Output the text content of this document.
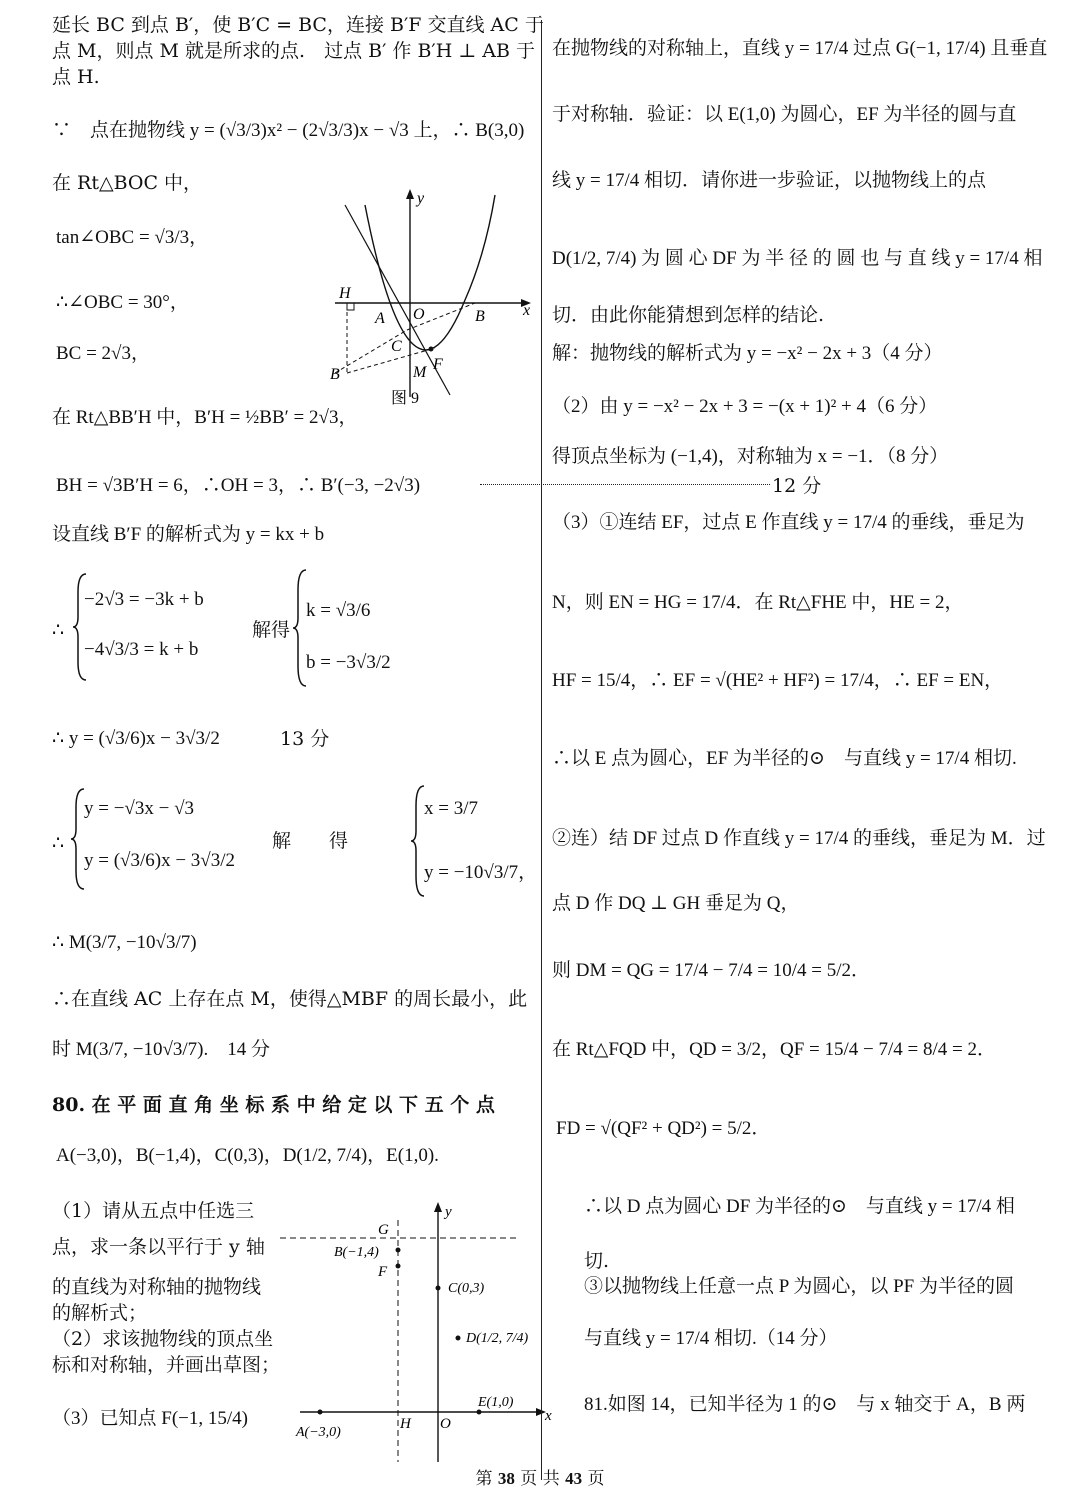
延长 BC 到点 B′，使 B′C = BC，连接 B′F 交直线 AC 于
点 M，则点 M 就是所求的点.　过点 B′ 作 B′H ⊥ AB 于
点 H.
∵　点在抛物线 y = (√3/3)x² − (2√3/3)x − √3 上，∴ B(3,0)
在 Rt△BOC 中，
tan∠OBC = √3/3，
∴∠OBC = 30°，
BC = 2√3，
在 Rt△BB′H 中，B′H = ½BB′ = 2√3，
BH = √3B′H = 6，∴OH = 3，∴ B′(−3, −2√3)	12 分
设直线 B′F 的解析式为 y = kx + b
∴
−2√3 = −3k + b
−4√3/3 = k + b
解得
k = √3/6
b = −3√3/2
∴ y = (√3/6)x − 3√3/2	13 分
∴
y = −√3x − √3
y = (√3/6)x − 3√3/2
解　　得
x = 3/7
y = −10√3/7，
∴ M(3/7, −10√3/7)
∴在直线 AC 上存在点 M，使得△MBF 的周长最小，此
时 M(3/7, −10√3/7).　14 分
80. 在 平 面 直 角 坐 标 系 中 给 定 以 下 五 个 点
A(−3,0)，B(−1,4)，C(0,3)，D(1/2, 7/4)，E(1,0).
（1）请从五点中任选三
点，求一条以平行于 y 轴
的直线为对称轴的抛物线
的解析式；
（2）求该抛物线的顶点坐
标和对称轴，并画出草图；
（3）已知点 F(−1, 15/4)
y
x
H
O
A	B
C
B	M F
图 9
y
x
G
B(−1,4)
F
C(0,3)
D(1/2, 7/4)
E(1,0)
A(−3,0)
H O
在抛物线的对称轴上，直线 y = 17/4 过点 G(−1, 17/4) 且垂直
于对称轴．验证：以 E(1,0) 为圆心，EF 为半径的圆与直
线 y = 17/4 相切．请你进一步验证，以抛物线上的点
D(1/2, 7/4) 为 圆 心 DF 为 半 径 的 圆 也 与 直 线 y = 17/4 相
切．由此你能猜想到怎样的结论.
解：抛物线的解析式为 y = −x² − 2x + 3（4 分）
（2）由 y = −x² − 2x + 3 = −(x + 1)² + 4（6 分）
得顶点坐标为 (−1,4)，对称轴为 x = −1．（8 分）
（3）①连结 EF，过点 E 作直线 y = 17/4 的垂线，垂足为
N，则 EN = HG = 17/4．在 Rt△FHE 中，HE = 2，
HF = 15/4，∴ EF = √(HE² + HF²) = 17/4，∴ EF = EN，
∴以 E 点为圆心，EF 为半径的⊙　与直线 y = 17/4 相切.
②连）结 DF 过点 D 作直线 y = 17/4 的垂线，垂足为 M．过
点 D 作 DQ ⊥ GH 垂足为 Q，
则 DM = QG = 17/4 − 7/4 = 10/4 = 5/2．
在 Rt△FQD 中，QD = 3/2，QF = 15/4 − 7/4 = 8/4 = 2．
FD = √(QF² + QD²) = 5/2．
∴以 D 点为圆心 DF 为半径的⊙　与直线 y = 17/4 相
切.
③以抛物线上任意一点 P 为圆心，以 PF 为半径的圆
与直线 y = 17/4 相切.（14 分）
81.如图 14，已知半径为 1 的⊙　与 x 轴交于 A，B 两
第 38 页 共 43 页
